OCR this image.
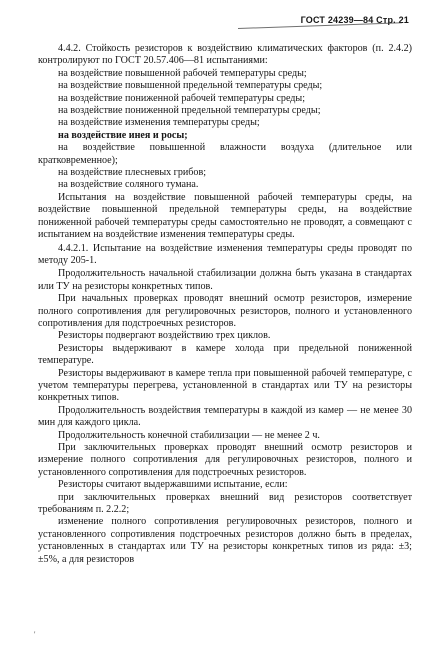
ГОСТ 24239—84 Стр. 21

4.4.2. Стойкость резисторов к воздействию климатических факторов (п. 2.4.2) контролируют по ГОСТ 20.57.406—81 испытаниями:

на воздействие повышенной рабочей температуры среды;

на воздействие повышенной предельной температуры среды;

на воздействие пониженной рабочей температуры среды;

на воздействие пониженной предельной температуры среды;

на воздействие изменения температуры среды;

на воздействие инея и росы;

на воздействие повышенной влажности воздуха (длительное или кратковременное);

на воздействие плесневых грибов;

на воздействие соляного тумана.

Испытания на воздействие повышенной рабочей температуры среды, на воздействие повышенной предельной температуры среды, на воздействие пониженной рабочей температуры среды самостоятельно не проводят, а совмещают с испытанием на воздействие изменения температуры среды.

4.4.2.1. Испытание на воздействие изменения температуры среды проводят по методу 205-1.

Продолжительность начальной стабилизации должна быть указана в стандартах или ТУ на резисторы конкретных типов.

При начальных проверках проводят внешний осмотр резисторов, измерение полного сопротивления для регулировочных резисторов, полного и установленного сопротивления для подстроечных резисторов.

Резисторы подвергают воздействию трех циклов.

Резисторы выдерживают в камере холода при предельной пониженной температуре.

Резисторы выдерживают в камере тепла при повышенной рабочей температуре, с учетом температуры перегрева, установленной в стандартах или ТУ на резисторы конкретных типов.

Продолжительность воздействия температуры в каждой из камер — не менее 30 мин для каждого цикла.

Продолжительность конечной стабилизации — не менее 2 ч.

При заключительных проверках проводят внешний осмотр резисторов и измерение полного сопротивления для регулировочных резисторов, полного и установленного сопротивления для подстроечных резисторов.

Резисторы считают выдержавшими испытание, если:

при заключительных проверках внешний вид резисторов соответствует требованиям п. 2.2.2;

изменение полного сопротивления регулировочных резисторов, полного и установленного сопротивления подстроечных резисторов должно быть в пределах, установленных в стандартах или ТУ на резисторы конкретных типов из ряда: ±3; ±5%, а для резисторов

'
